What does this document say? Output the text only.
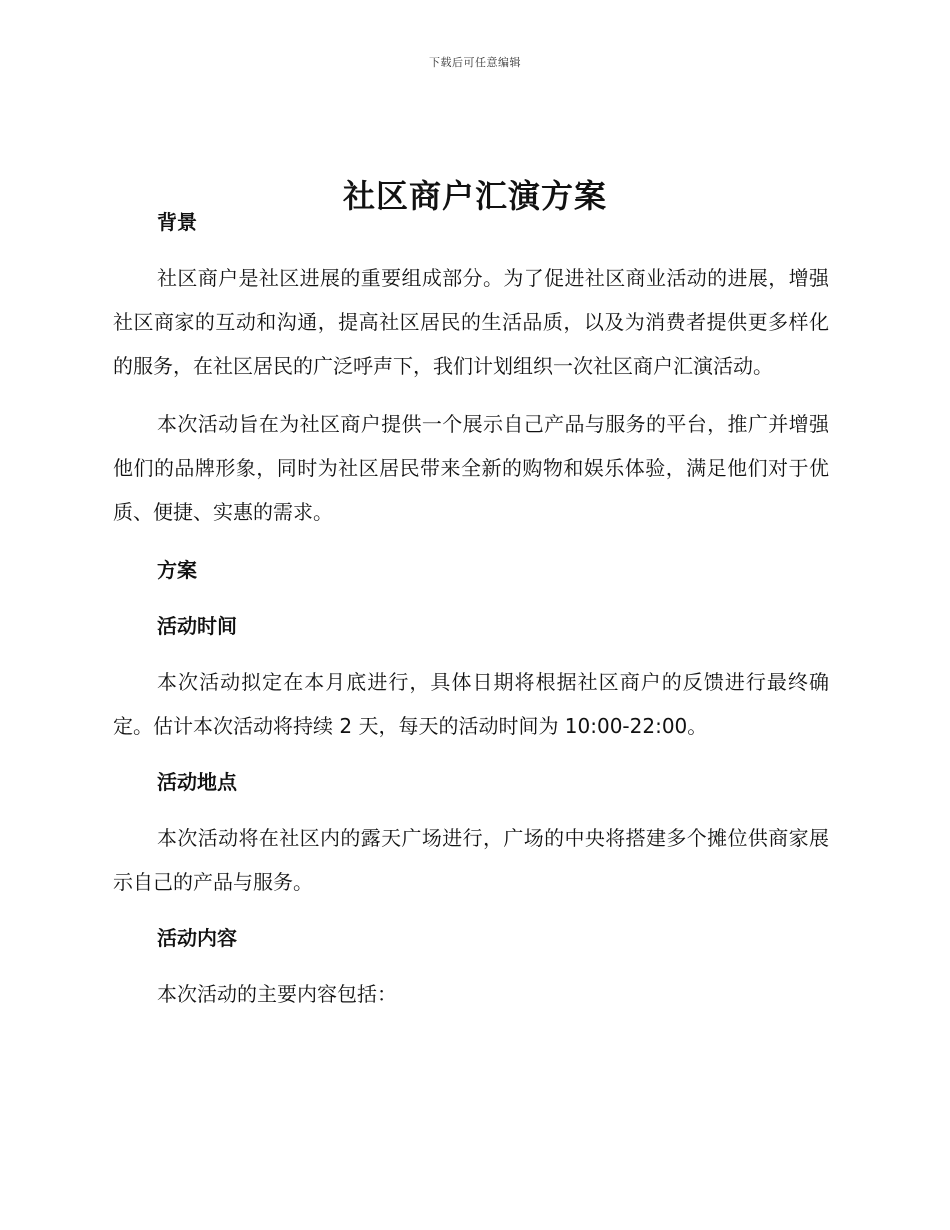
下载后可任意编辑
社区商户汇演方案

背景

社区商户是社区进展的重要组成部分。为了促进社区商业活动的进展，增强社区商家的互动和沟通，提高社区居民的生活品质，以及为消费者提供更多样化的服务，在社区居民的广泛呼声下，我们计划组织一次社区商户汇演活动。

本次活动旨在为社区商户提供一个展示自己产品与服务的平台，推广并增强他们的品牌形象，同时为社区居民带来全新的购物和娱乐体验，满足他们对于优质、便捷、实惠的需求。

方案

活动时间

本次活动拟定在本月底进行，具体日期将根据社区商户的反馈进行最终确定。估计本次活动将持续 2 天，每天的活动时间为 10:00-22:00。

活动地点

本次活动将在社区内的露天广场进行，广场的中央将搭建多个摊位供商家展示自己的产品与服务。

活动内容

本次活动的主要内容包括：
